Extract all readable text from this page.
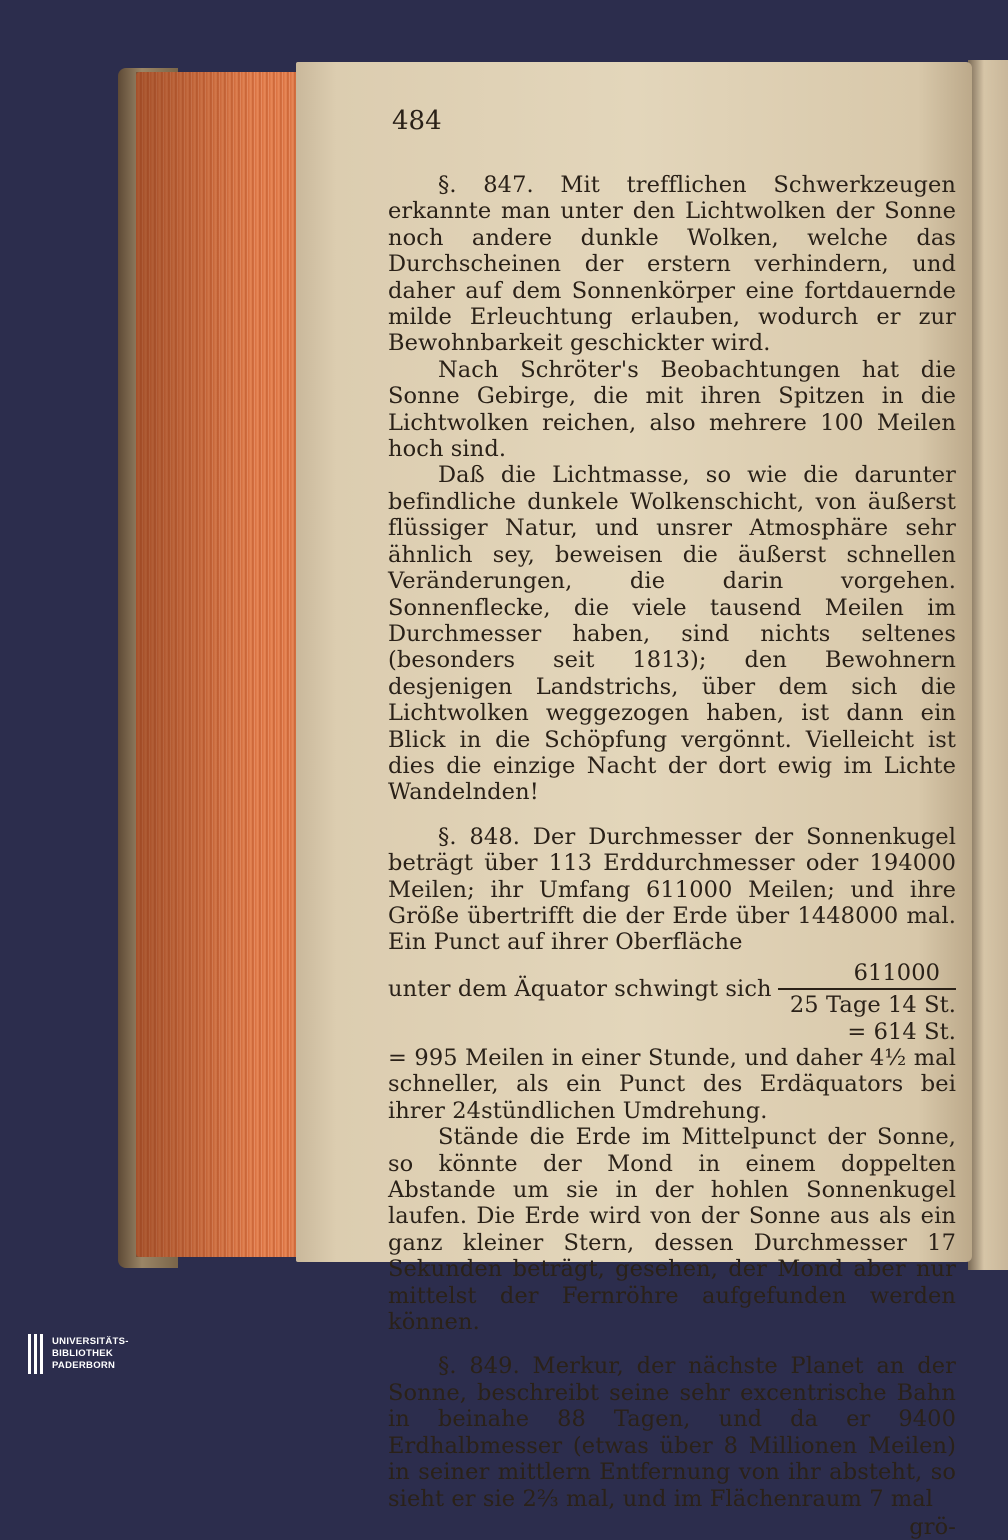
484

§. 847. Mit trefflichen Schwerkzeugen erkannte man unter den Lichtwolken der Sonne noch andere dunkle Wolken, welche das Durchscheinen der erstern verhindern, und daher auf dem Sonnenkörper eine fortdauernde milde Erleuchtung erlauben, wodurch er zur Bewohnbarkeit geschickter wird.

Nach Schröter's Beobachtungen hat die Sonne Gebirge, die mit ihren Spitzen in die Lichtwolken reichen, also mehrere 100 Meilen hoch sind.

Daß die Lichtmasse, so wie die darunter befindliche dunkele Wolkenschicht, von äußerst flüssiger Natur, und unsrer Atmosphäre sehr ähnlich sey, beweisen die äußerst schnellen Veränderungen, die darin vorgehen. Sonnenflecke, die viele tausend Meilen im Durchmesser haben, sind nichts seltenes (besonders seit 1813); den Bewohnern desjenigen Landstrichs, über dem sich die Lichtwolken weggezogen haben, ist dann ein Blick in die Schöpfung vergönnt. Vielleicht ist dies die einzige Nacht der dort ewig im Lichte Wandelnden!

§. 848. Der Durchmesser der Sonnenkugel beträgt über 113 Erddurchmesser oder 194000 Meilen; ihr Umfang 611000 Meilen; und ihre Größe übertrifft die der Erde über 1448000 mal. Ein Punct auf ihrer Oberfläche

unter dem Äquator schwingt sich $\frac{611000}{\text{25 Tage 14 St. = 614 St.}}$

= 995 Meilen in einer Stunde, und daher 4½ mal schneller, als ein Punct des Erdäquators bei ihrer 24stündlichen Umdrehung.

Stände die Erde im Mittelpunct der Sonne, so könnte der Mond in einem doppelten Abstande um sie in der hohlen Sonnenkugel laufen. Die Erde wird von der Sonne aus als ein ganz kleiner Stern, dessen Durchmesser 17 Sekunden beträgt, gesehen, der Mond aber nur mittelst der Fernröhre aufgefunden werden können.

§. 849. Merkur, der nächste Planet an der Sonne, beschreibt seine sehr excentrische Bahn in beinahe 88 Tagen, und da er 9400 Erdhalbmesser (etwas über 8 Millionen Meilen) in seiner mittlern Entfernung von ihr absteht, so sieht er sie 2⅔ mal, und im Flächenraum 7 mal

grö-
UNIVERSITÄTS-
BIBLIOTHEK
PADERBORN
